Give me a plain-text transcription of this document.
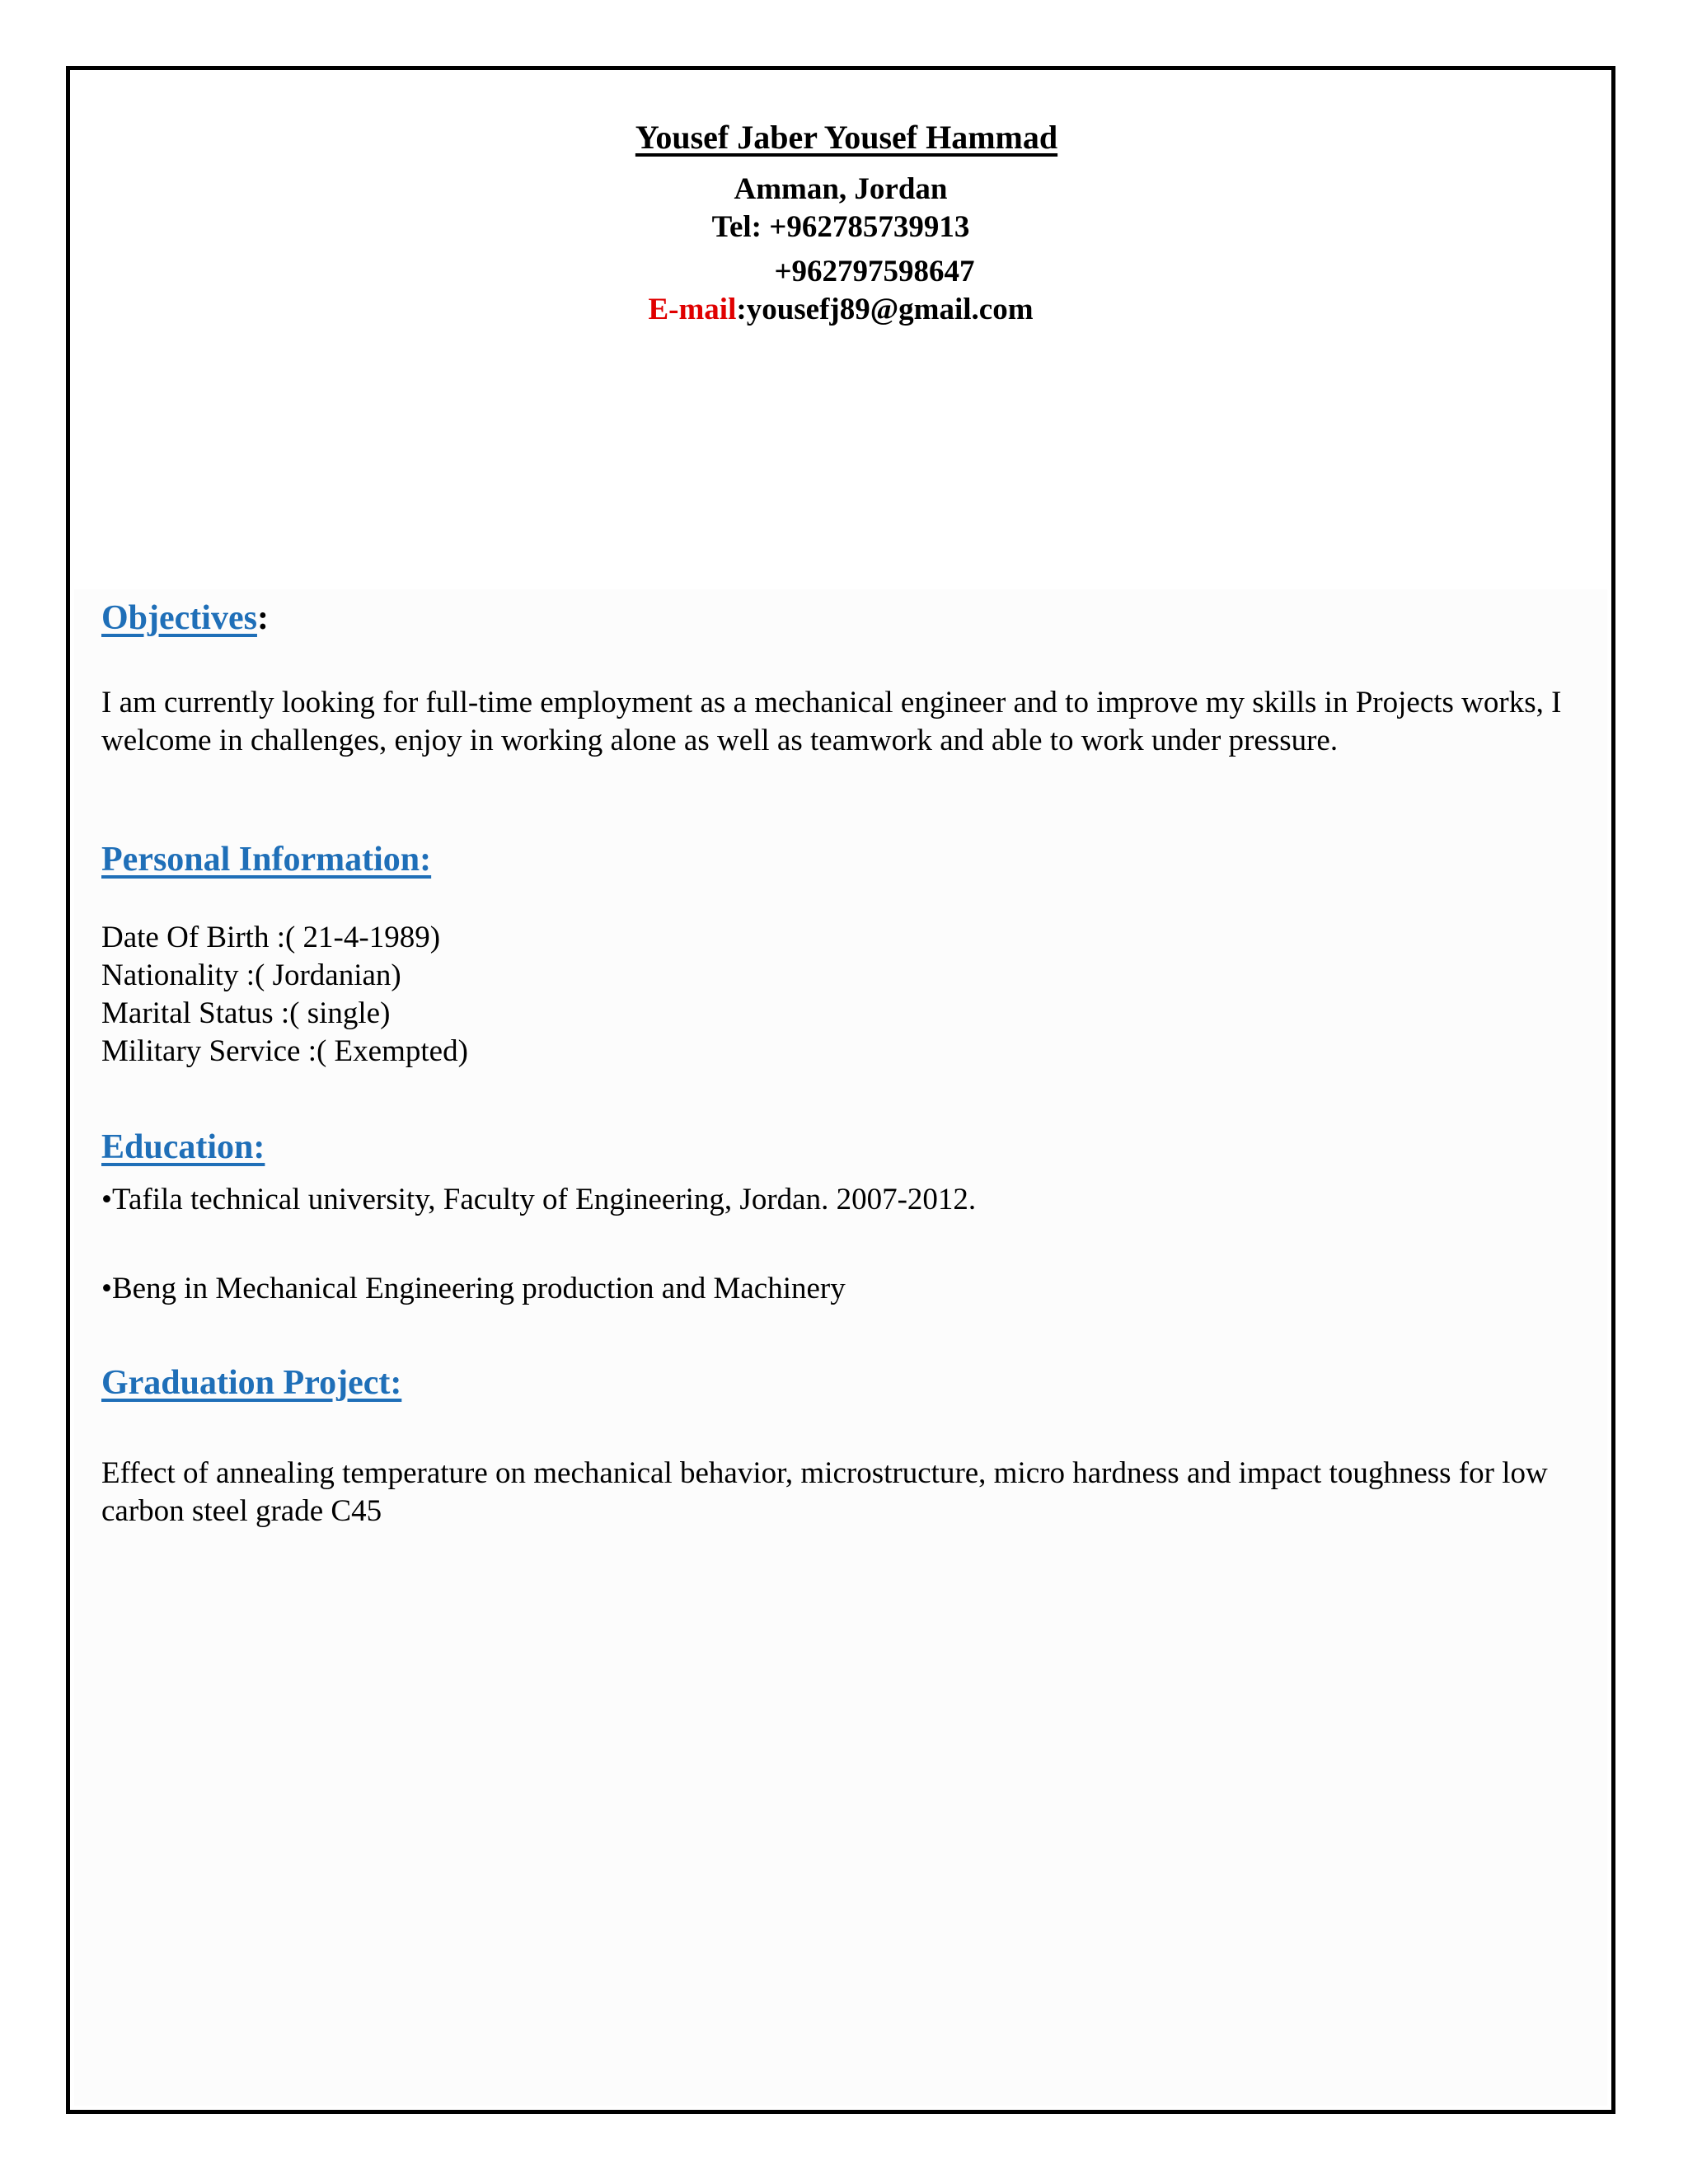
Yousef Jaber Yousef Hammad
Amman, Jordan
Tel: +962785739913
+962797598647
E-mail:yousefj89@gmail.com
Objectives:

I am currently looking for full-time employment as a mechanical engineer and to improve my skills in Projects works, I welcome in challenges, enjoy in working alone as well as teamwork and able to work under pressure.

Personal Information:

Date Of Birth :( 21-4-1989)

Nationality :( Jordanian)

Marital Status :( single)

Military Service :( Exempted)

Education:

•Tafila technical university, Faculty of Engineering, Jordan. 2007-2012.

•Beng in Mechanical Engineering production and Machinery

Graduation Project:

Effect of annealing temperature on mechanical behavior, microstructure, micro hardness and impact toughness for low carbon steel grade C45
